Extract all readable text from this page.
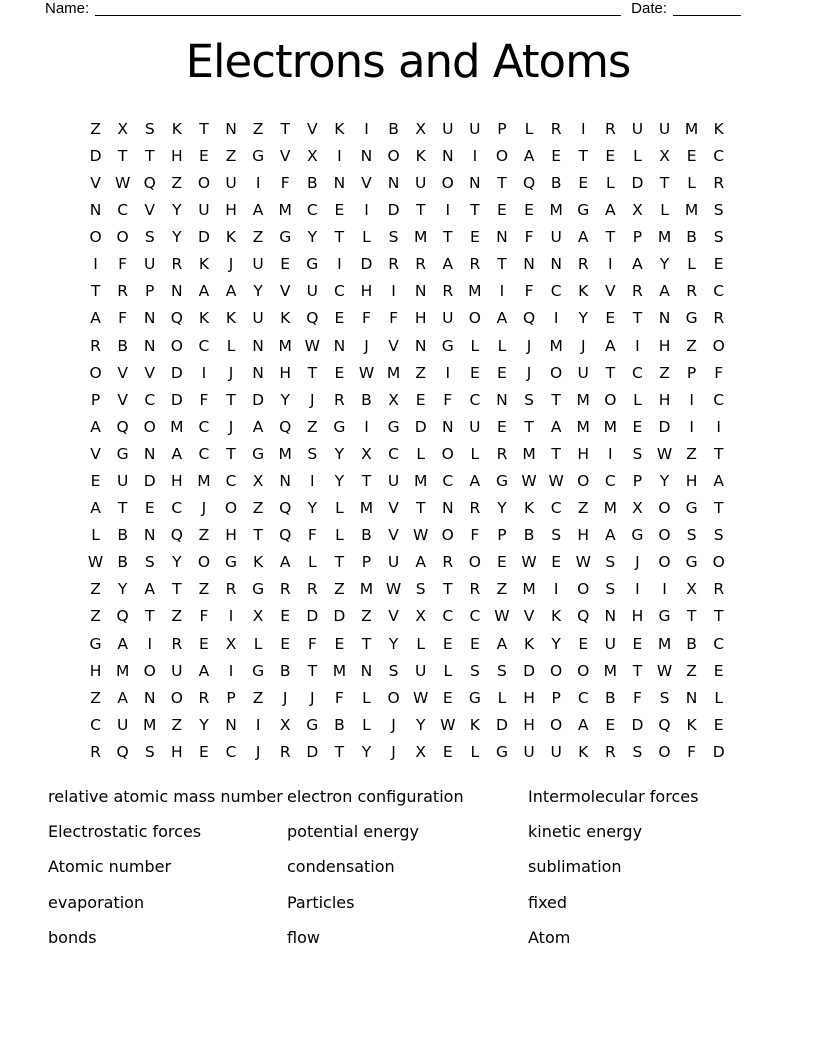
Name:	Date:
Electrons and Atoms
Z	X	S	K	T	N	Z	T	V	K	I	B	X	U	U	P	L	R	I	R	U	U M K
D	T	T	H	E	Z	G	V	X	I	N O	K	N	I	O	A	E	T	E	L	X	E	C
V W Q	Z	O U	I	F	B	N	V	N	U O N	T	Q	B	E	L	D	T	L	R
N	C	V	Y	U	H	A M C	E	I	D	T	I	T	E	E	M G	A	X	L	M S
O O	S	Y	D	K	Z	G	Y	T	L	S M	T	E	N	F	U	A	T	P	M B	S
I	F	U	R	K	J	U	E	G	I	D	R	R	A	R	T	N N	R	I	A	Y	L	E
T	R	P	N	A	A	Y	V	U	C	H	I	N	R M	I	F	C	K	V	R	A	R	C
A	F	N Q	K	K	U	K	Q	E	F	F	H	U O	A	Q	I	Y	E	T	N G	R
R	B	N O	C	L	N M W N	J	V	N G	L	L	J	M	J	A	I	H	Z	O
O	V	V	D	I	J	N H	T	E W M Z	I	E	E	J	O U	T	C	Z	P	F
P	V	C	D	F	T	D	Y	J	R	B	X	E	F	C	N	S	T	M O	L	H	I	C
A	Q O M C	J	A	Q	Z	G	I	G D N	U	E	T	A M M	E	D	I	I
V	G N	A	C	T	G M S	Y	X	C	L	O	L	R M	T	H	I	S W Z	T
E	U D H M C	X	N	I	Y	T	U M C	A	G W W O	C	P	Y	H	A
A	T	E	C	J	O	Z	Q	Y	L	M V	T	N	R	Y	K	C	Z M X	O G	T
L	B	N Q	Z	H	T	Q	F	L	B	V W O	F	P	B	S	H	A	G O	S	S
W B	S	Y	O G	K	A	L	T	P	U	A	R	O	E W E W S	J	O G O
Z	Y	A	T	Z	R	G	R	R	Z M W S	T	R	Z M	I	O	S	I	I	X	R
Z	Q	T	Z	F	I	X	E	D D	Z	V	X	C	C W V	K	Q N H G	T	T
G	A	I	R	E	X	L	E	F	E	T	Y	L	E	E	A	K	Y	E	U	E	M B	C
H M O U	A	I	G	B	T	M N	S	U	L	S	S	D O O M	T W Z	E
Z	A	N O	R	P	Z	J	J	F	L	O W E	G	L	H	P	C	B	F	S	N	L
C	U M Z	Y	N	I	X	G	B	L	J	Y W K	D H O	A	E	D Q	K	E
R	Q	S	H	E	C	J	R	D	T	Y	J	X	E	L	G U	U	K	R	S	O	F	D
relative atomic mass number
Electrostatic forces
Atomic number
evaporation
bonds
electron configuration
potential energy
condensation
Particles
flow
Intermolecular forces
kinetic energy
sublimation
fixed
Atom
